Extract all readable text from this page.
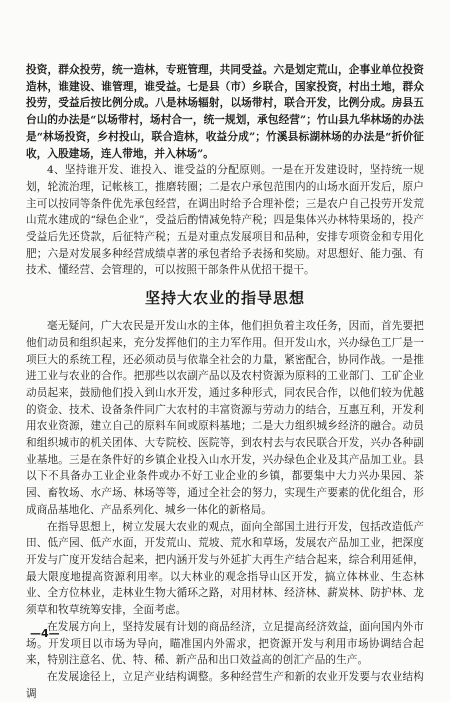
投资，群众投劳，统一造林，专班管理，共同受益。六是划定荒山，企事业单位投资造林，谁建设、谁管理，谁受益。七是县（市）乡联合，国家投资，村出土地，群众投劳，受益后按比例分成。八是林场辐射，以场带村，联合开发，比例分成。房县五台山的办法是“以场带村，场村合一，统一规划，承包经营”；竹山县九华林场的办法是“林场投资，乡村投山，联合造林，收益分成”；竹溪县标湖林场的办法是“折价征收，入股建场，连人带地，并入林场”。

4、坚持谁开发、谁投入、谁受益的分配原则。一是在开发建设时，坚持统一规划，轮流治理，记帐核工，推磨转圈；二是农户承包范围内的山场水面开发后，原户主可以按同等条件优先承包经营，在调出时给予合理补偿；三是农户自己投劳开发荒山荒水建成的“绿色企业”，受益后酌情减免特产税；四是集体兴办林特果场的，投产受益后先还贷款，后征特产税；五是对重点发展项目和品种，安排专项资金和专用化肥；六是对发展多种经营成绩卓著的承包者给予表扬和奖励。对思想好、能力强、有技术、懂经营、会管理的，可以按照干部条件从优招干提干。

坚持大农业的指导思想

毫无疑问，广大农民是开发山水的主体，他们担负着主攻任务，因而，首先要把他们动员和组织起来，充分发挥他们的主力军作用。但开发山水，兴办绿色工厂是一项巨大的系统工程，还必须动员与依靠全社会的力量，紧密配合，协同作战。一是推进工业与农业的合作。把那些以农副产品以及农村资源为原料的工业部门、工矿企业动员起来，鼓励他们投入到山水开发，通过多种形式，同农民合作，以他们较为优越的资金、技术、设备条件同广大农村的丰富资源与劳动力的结合，互惠互利，开发利用农业资源，建立自己的原料车间或原料基地；二是大力组织城乡经济的融合。动员和组织城市的机关团体、大专院校、医院等，到农村去与农民联合开发，兴办各种副业基地。三是在条件好的乡镇企业投入山水开发，兴办绿色企业及其产品加工业。县以下不具备办工业企业条件或办不好工业企业的乡镇，都要集中大力兴办果园、茶园、畜牧场、水产场、林场等等，通过全社会的努力，实现生产要素的优化组合，形成商品基地化、产品系列化、城乡一体化的新格局。

在指导思想上，树立发展大农业的观点，面向全部国土进行开发，包括改造低产田、低产园、低产水面，开发荒山、荒坡、荒水和草场，发展农产品加工业，把深度开发与广度开发结合起来，把内涵开发与外延扩大再生产结合起来，综合利用延伸，最大限度地提高资源利用率。以大林业的观念指导山区开发，搞立体林业、生态林业、全方位林业，走林业生物大循环之路，对用材林、经济林、薪炭林、防护林、龙须草和牧草统筹安排，全面考虑。

在发展方向上，坚持发展有计划的商品经济，立足提高经济效益，面向国内外市场。开发项目以市场为导向，瞄准国内外需求，把资源开发与利用市场协调结合起来，特别注意名、优、特、稀、新产品和出口效益高的创汇产品的生产。

在发展途径上，立足产业结构调整。多种经营生产和新的农业开发要与农业结构调

—4—
